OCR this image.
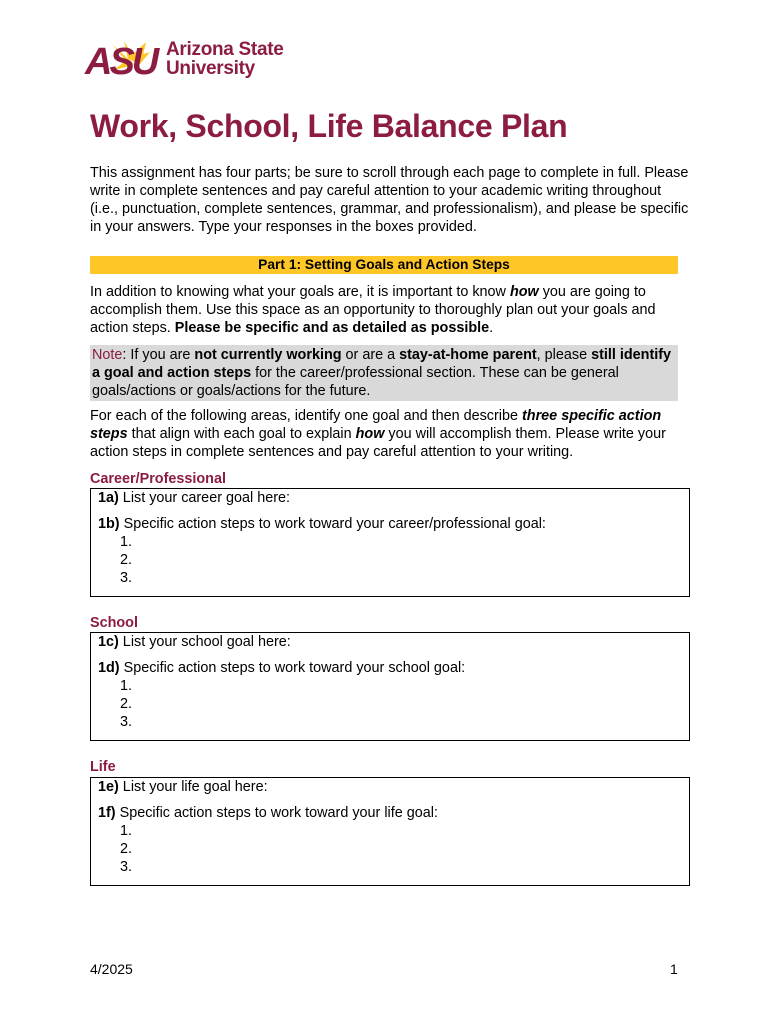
ASU Arizona State
University
Work, School, Life Balance Plan
This assignment has four parts; be sure to scroll through each page to complete in full. Please write in complete sentences and pay careful attention to your academic writing throughout (i.e., punctuation, complete sentences, grammar, and professionalism), and please be specific in your answers. Type your responses in the boxes provided.
Part 1: Setting Goals and Action Steps
In addition to knowing what your goals are, it is important to know how you are going to accomplish them. Use this space as an opportunity to thoroughly plan out your goals and action steps. Please be specific and as detailed as possible.
Note: If you are not currently working or are a stay-at-home parent, please still identify a goal and action steps for the career/professional section. These can be general goals/actions or goals/actions for the future.
For each of the following areas, identify one goal and then describe three specific action steps that align with each goal to explain how you will accomplish them. Please write your action steps in complete sentences and pay careful attention to your writing.
Career/Professional
1a) List your career goal here:
1b) Specific action steps to work toward your career/professional goal:
1.
2.
3.
School
1c) List your school goal here:
1d) Specific action steps to work toward your school goal:
1.
2.
3.
Life
1e) List your life goal here:
1f) Specific action steps to work toward your life goal:
1.
2.
3.
4/2025	1
